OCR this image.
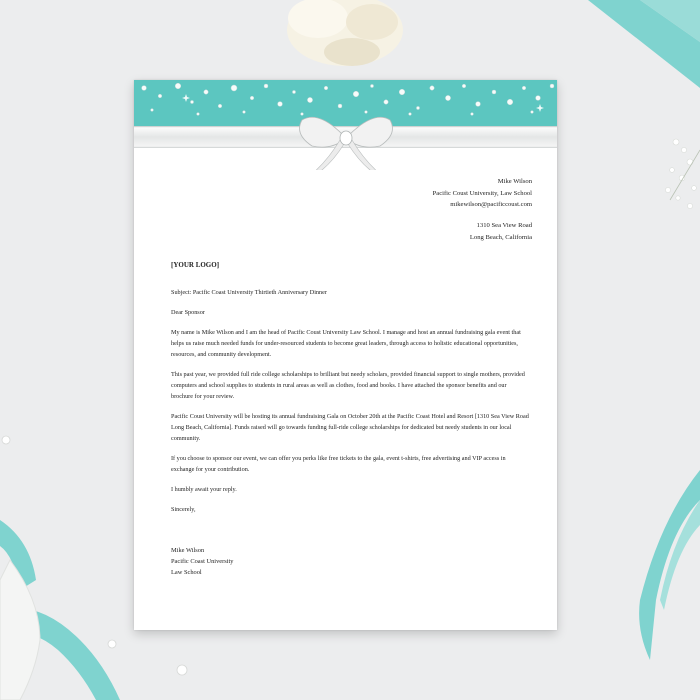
Mike Wilson
Pacific Coust University, Law School
mikewilson@pacificcoust.com
1310 Sea View Road
Long Beach, California
[YOUR LOGO]

Subject: Pacific Coast University Thirtieth Anniversary Dinner

Dear Sponsor

My name is Mike Wilson and I am the head of Pacific Coust University Law School. I manage and host an annual fundraising gala event that helps us raise much needed funds for under-resourced students to become great leaders, through access to holistic educational opportunities, resources, and community development.

This past year, we provided full ride college scholarships to brilliant but needy scholars, provided financial support to single mothers, provided computers and school supplies to students in rural areas as well as clothes, food and books. I have attached the sponsor benefits and our brochure for your review.

Pacific Coust University will be hosting its annual fundraising Gala on October 20th at the Pacific Coast Hotel and Resort [1310 Sea View Road Long Beach, California]. Funds raised will go towards funding full-ride college scholarships for dedicated but needy students in our local community.

If you choose to sponsor our event, we can offer you perks like free tickets to the gala, event t-shirts, free advertising and VIP access in exchange for your contribution.

I humbly await your reply.

Sincerely,

Mike Wilson
Pacific Coast University
Law School
